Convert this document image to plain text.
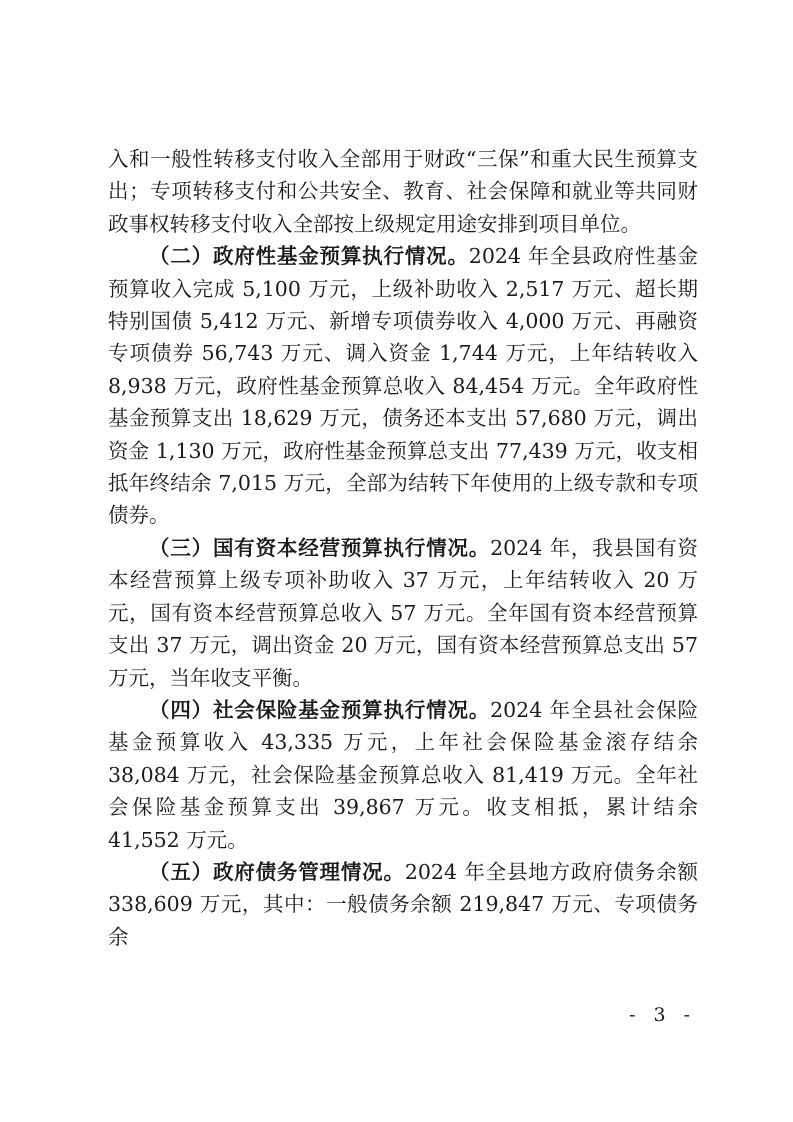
入和一般性转移支付收入全部用于财政“三保”和重大民生预算支出；专项转移支付和公共安全、教育、社会保障和就业等共同财政事权转移支付收入全部按上级规定用途安排到项目单位。

（二）政府性基金预算执行情况。2024 年全县政府性基金预算收入完成 5,100 万元，上级补助收入 2,517 万元、超长期特别国债 5,412 万元、新增专项债券收入 4,000 万元、再融资专项债券 56,743 万元、调入资金 1,744 万元，上年结转收入 8,938 万元，政府性基金预算总收入 84,454 万元。全年政府性基金预算支出 18,629 万元，债务还本支出 57,680 万元，调出资金 1,130 万元，政府性基金预算总支出 77,439 万元，收支相抵年终结余 7,015 万元，全部为结转下年使用的上级专款和专项债券。

（三）国有资本经营预算执行情况。2024 年，我县国有资本经营预算上级专项补助收入 37 万元，上年结转收入 20 万元，国有资本经营预算总收入 57 万元。全年国有资本经营预算支出 37 万元，调出资金 20 万元，国有资本经营预算总支出 57 万元，当年收支平衡。

（四）社会保险基金预算执行情况。2024 年全县社会保险基金预算收入 43,335 万元，上年社会保险基金滚存结余 38,084 万元，社会保险基金预算总收入 81,419 万元。全年社会保险基金预算支出 39,867 万元。收支相抵，累计结余 41,552 万元。

（五）政府债务管理情况。2024 年全县地方政府债务余额 338,609 万元，其中：一般债务余额 219,847 万元、专项债务余

- 3 -
